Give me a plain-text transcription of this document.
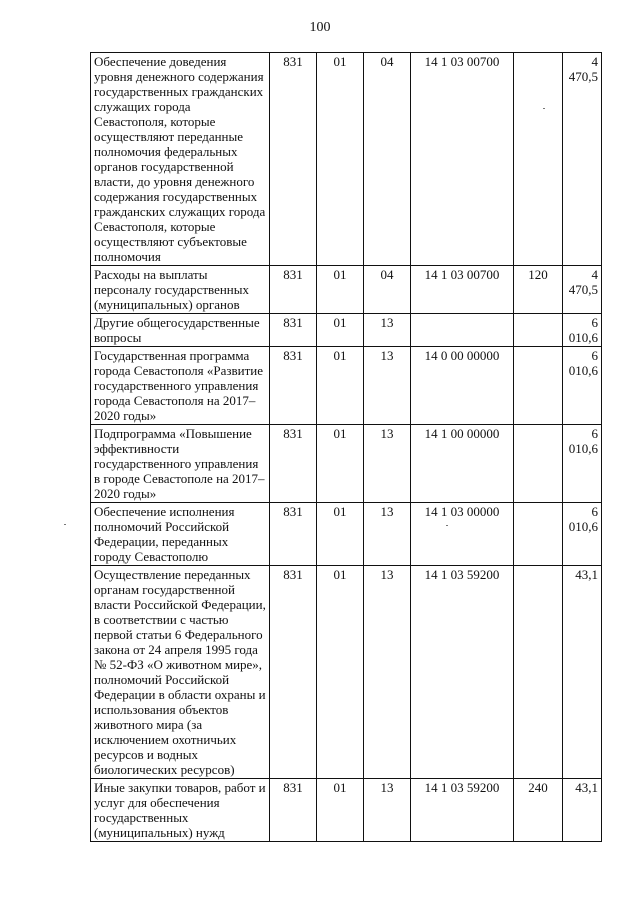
100
Обеспечение доведения уровня денежного содержания государственных гражданских служащих города Севастополя, которые осуществляют переданные полномочия федеральных органов государственной власти, до уровня денежного содержания государственных гражданских служащих города Севастополя, которые осуществляют субъектовые полномочия	831	01	04	14 1 03 00700		4 470,5
Расходы на выплаты персоналу государственных (муниципальных) органов	831	01	04	14 1 03 00700	120	4 470,5
Другие общегосударственные вопросы	831	01	13			6 010,6
Государственная программа города Севастополя «Развитие государственного управления города Севастополя на 2017–2020 годы»	831	01	13	14 0 00 00000		6 010,6
Подпрограмма «Повышение эффективности государственного управления в городе Севастополе на 2017–2020 годы»	831	01	13	14 1 00 00000		6 010,6
Обеспечение исполнения полномочий Российской Федерации, переданных городу Севастополю	831	01	13	14 1 03 00000		6 010,6
Осуществление переданных органам государственной власти Российской Федерации, в соответствии с частью первой статьи 6 Федерального закона от 24 апреля 1995 года № 52-ФЗ «О животном мире», полномочий Российской Федерации в области охраны и использования объектов животного мира (за исключением охотничьих ресурсов и водных биологических ресурсов)	831	01	13	14 1 03 59200		43,1
Иные закупки товаров, работ и услуг для обеспечения государственных (муниципальных) нужд	831	01	13	14 1 03 59200	240	43,1
